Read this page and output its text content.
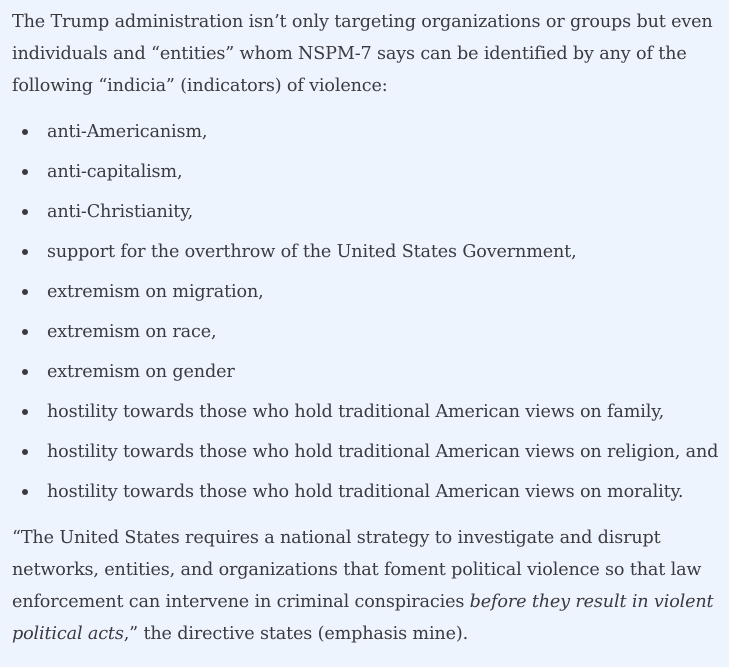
The Trump administration isn’t only targeting organizations or groups but even individuals and “entities” whom NSPM-7 says can be identified by any of the following “indicia” (indicators) of violence:

anti-Americanism,
anti-capitalism,
anti-Christianity,
support for the overthrow of the United States Government,
extremism on migration,
extremism on race,
extremism on gender
hostility towards those who hold traditional American views on family,
hostility towards those who hold traditional American views on religion, and
hostility towards those who hold traditional American views on morality.

“The United States requires a national strategy to investigate and disrupt networks, entities, and organizations that foment political violence so that law enforcement can intervene in criminal conspiracies before they result in violent political acts,” the directive states (emphasis mine).
